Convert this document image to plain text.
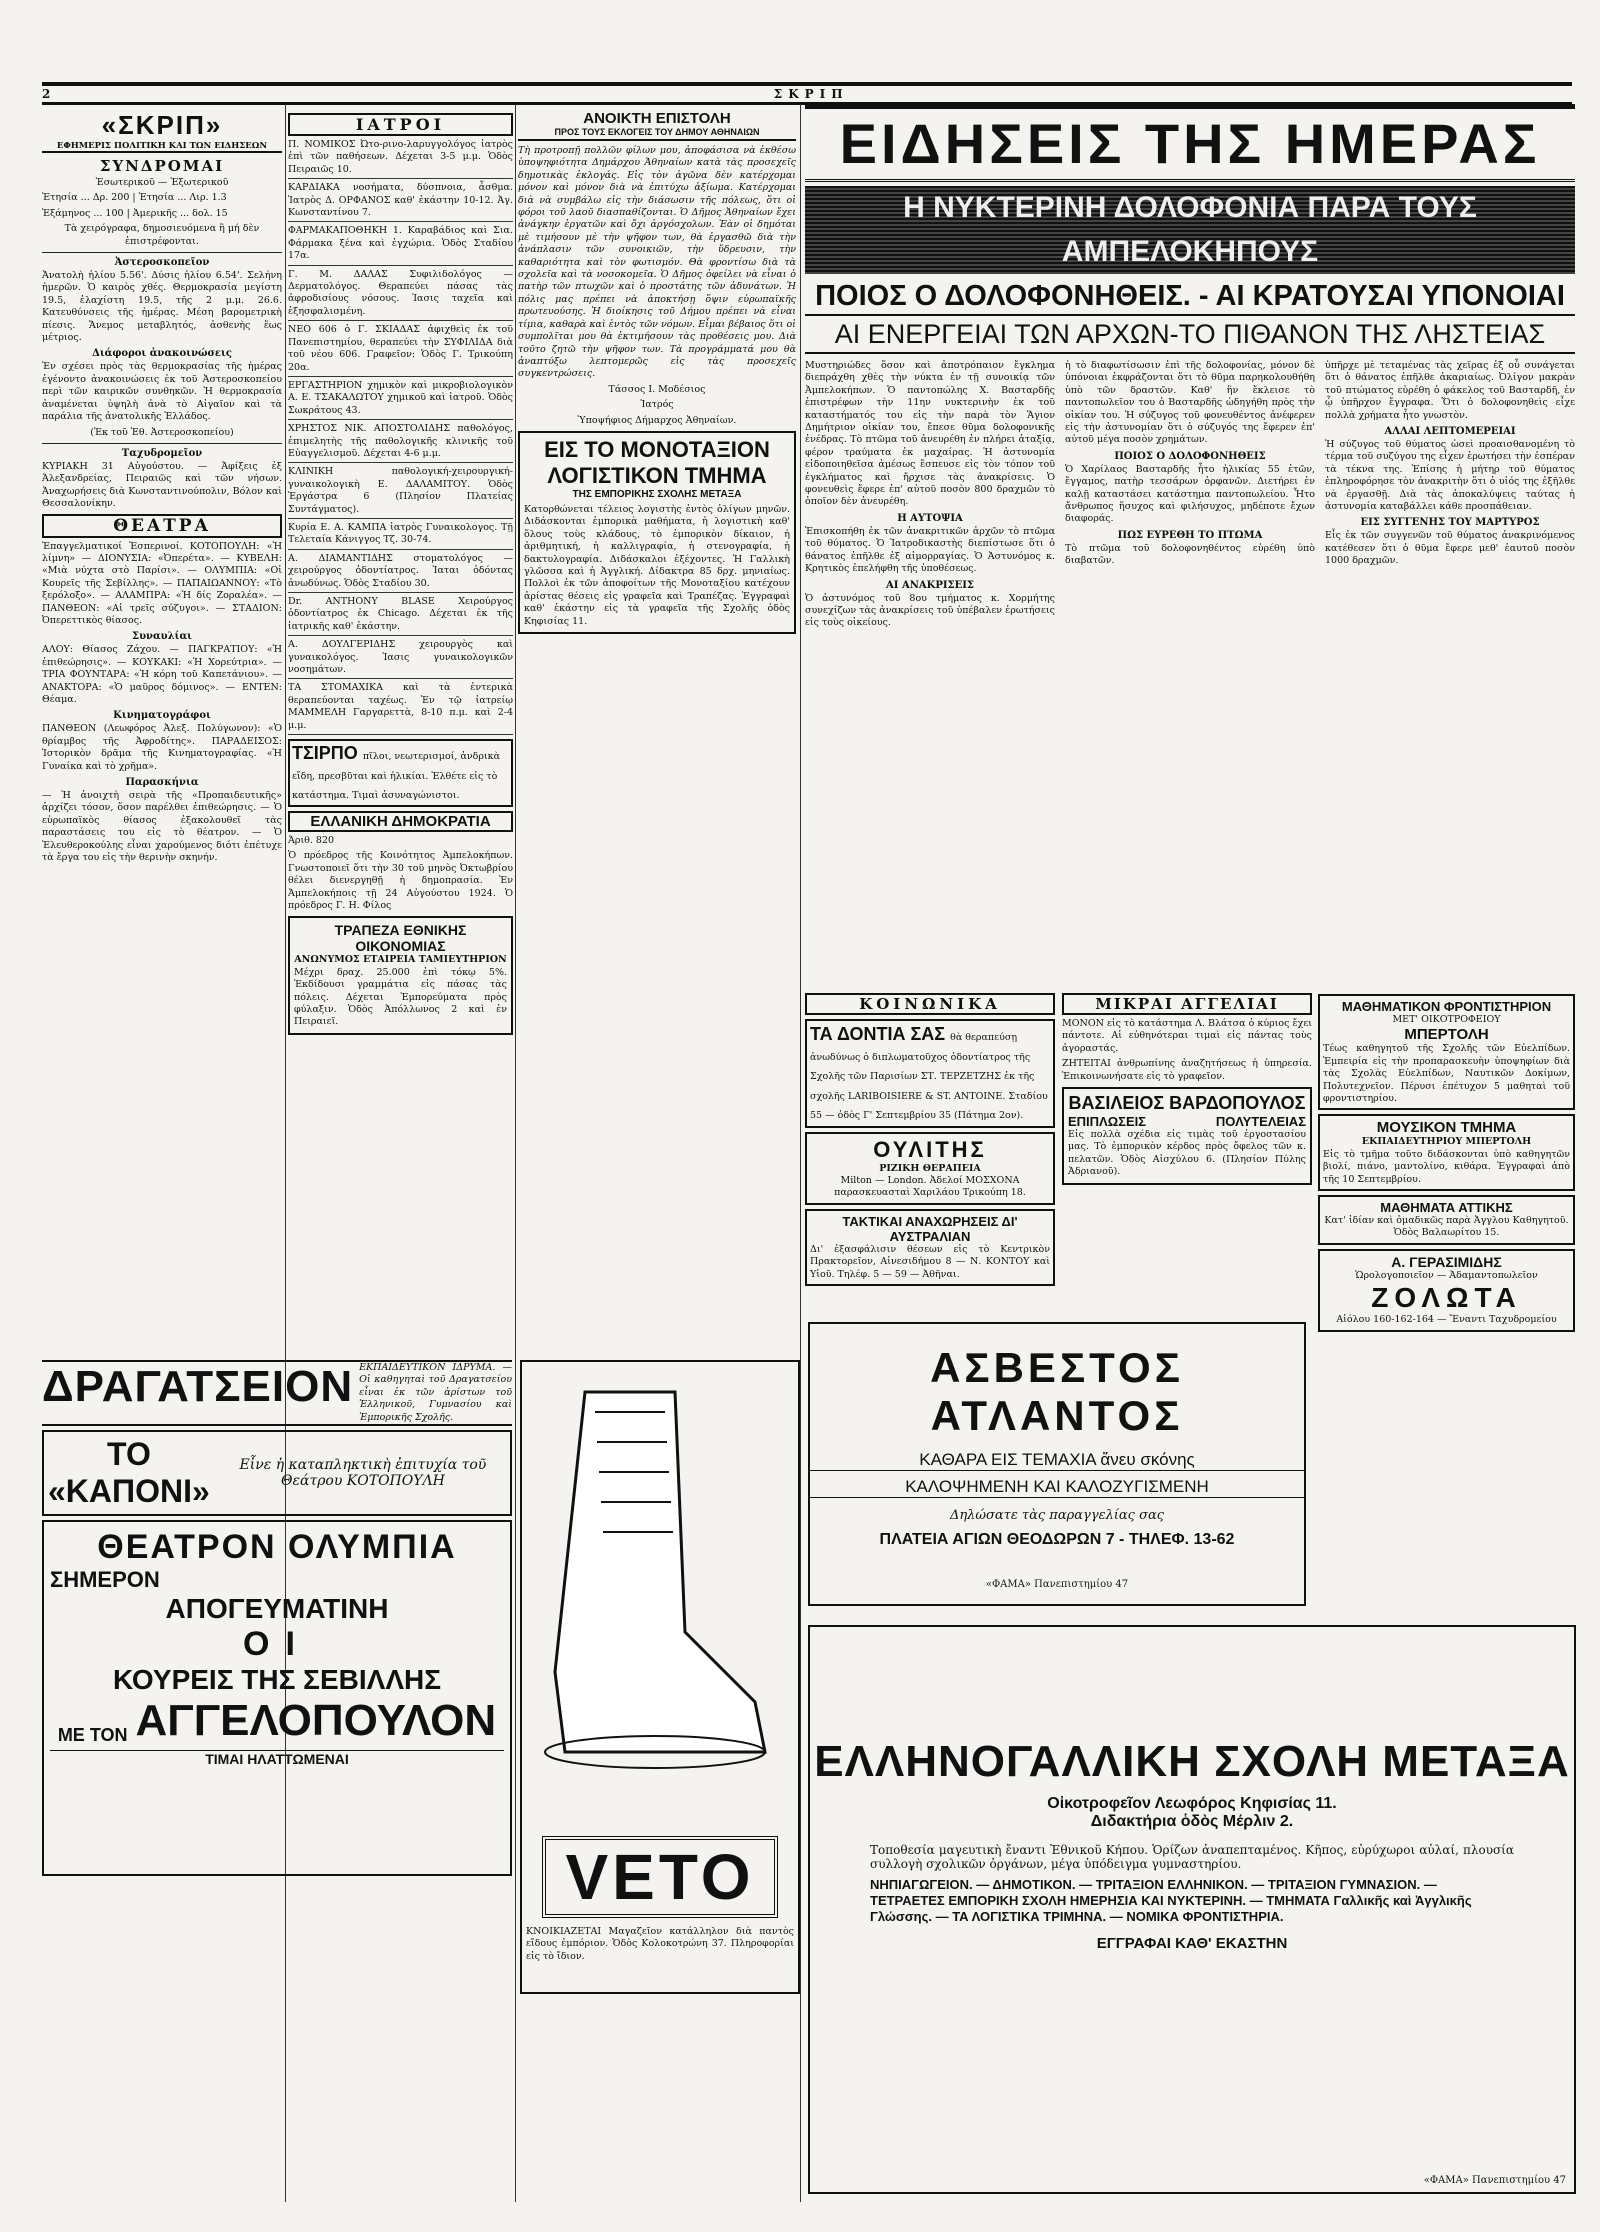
2	ΣΚΡΙΠ
«ΣΚΡΙΠ»
ΕΦΗΜΕΡΙΣ ΠΟΛΙΤΙΚΗ ΚΑΙ ΤΩΝ ΕΙΔΗΣΕΩΝ
ΣΥΝΔΡΟΜΑΙ
Ἐσωτερικοῦ — Ἐξωτερικοῦ
Ἐτησία ... Δρ. 200 | Ἐτησία ... Λιρ. 1.3
Ἑξάμηνος ... 100 | Ἀμερικῆς ... δολ. 15
Τὰ χειρόγραφα, δημοσιευόμενα ἢ μή δὲν ἐπιστρέφονται.
Ἀστεροσκοπεῖον
Ἀνατολὴ ἡλίου 5.56'. Δύσις ἡλίου 6.54'. Σελήνη ἡμερῶν. Ὁ καιρὸς χθές. Θερμοκρασία μεγίστη 19.5, ἐλαχίστη 19.5, τῆς 2 μ.μ. 26.6. Κατευθύνσεις τῆς ἡμέρας. Μέση βαρομετρικὴ πίεσις. Ἄνεμος μεταβλητός, ἀσθενὴς ἕως μέτριος.
Διάφοροι ἀνακοινώσεις
Ἐν σχέσει πρὸς τὰς θερμοκρασίας τῆς ἡμέρας ἐγένοντο ἀνακοινώσεις ἐκ τοῦ Ἀστεροσκοπείου περὶ τῶν καιρικῶν συνθηκῶν. Ἡ θερμοκρασία ἀναμένεται ὑψηλὴ ἀνὰ τὸ Αἰγαῖον καὶ τὰ παράλια τῆς ἀνατολικῆς Ἑλλάδος.
(Ἐκ τοῦ Ἐθ. Ἀστεροσκοπείου)
Ταχυδρομεῖον
ΚΥΡΙΑΚΗ 31 Αὐγούστου. — Ἀφίξεις ἐξ Ἀλεξανδρείας, Πειραιῶς καὶ τῶν νήσων. Ἀναχωρήσεις διὰ Κωνσταντινούπολιν, Βόλον καὶ Θεσσαλονίκην.
ΘΕΑΤΡΑ
Ἐπαγγελματικοί Ἑσπερινοί. ΚΟΤΟΠΟΥΛΗ: «Ἡ λίμνη» — ΔΙΟΝΥΣΙΑ: «Ὀπερέτα». — ΚΥΒΕΛΗ: «Μιὰ νύχτα στὸ Παρίσι». — ΟΛΥΜΠΙΑ: «Οἱ Κουρεῖς τῆς Σεβίλλης». — ΠΑΠΑΙΩΑΝΝΟΥ: «Τὸ ξερόλοξο». — ΑΛΑΜΠΡΑ: «Ἡ δίς Ζοραλέα». — ΠΑΝΘΕΟΝ: «Αἱ τρεῖς σύζυγοι». — ΣΤΑΔΙΟΝ: Ὀπερεττικὸς θίασος.
Συναυλίαι
ΑΛΟΥ: Θίασος Ζάχου. — ΠΑΓΚΡΑΤΙΟΥ: «Ἡ ἐπιθεώρησις». — ΚΟΥΚΑΚΙ: «Ἡ Χορεύτρια». — ΤΡΙΑ ΦΟΥΝΤΑΡΑ: «Ἡ κόρη τοῦ Καπετάνιου». — ΑΝΑΚΤΟΡΑ: «Ὁ μαῦρος δόμινος». — ΕΝΤΕΝ: Θέαμα.
Κινηματογράφοι
ΠΑΝΘΕΟΝ (Λεωφόρος Ἀλεξ. Πολύγωνον): «Ὁ θρίαμβος τῆς Ἀφροδίτης». ΠΑΡΑΔΕΙΣΟΣ: Ἱστορικὸν δρᾶμα τῆς Κινηματογραφίας. «Ἡ Γυναίκα καὶ τὸ χρῆμα».
Παρασκήνια
— Ἡ ἀνοιχτὴ σειρὰ τῆς «Προπαιδευτικῆς» ἀρχίζει τόσον, ὅσον παρέλθει ἐπιθεώρησις. — Ὁ εὐρωπαϊκὸς θίασος ἐξακολουθεῖ τὰς παραστάσεις του εἰς τὸ θέατρον. — Ὁ Ἐλευθεροκούλης εἶναι χαρούμενος διότι ἐπέτυχε τὰ ἔργα του εἰς τὴν θερινὴν σκηνήν.
ΙΑΤΡΟΙ
Π. ΝΟΜΙΚΟΣ Ὠτο-ρινο-λαρυγγολόγος ἰατρὸς ἐπὶ τῶν παθήσεων. Δέχεται 3-5 μ.μ. Ὁδὸς Πειραιῶς 10.
ΚΑΡΔΙΑΚΑ νοσήματα, δύσπνοια, ἆσθμα. Ἰατρὸς Δ. ΟΡΦΑΝΟΣ καθ' ἑκάστην 10-12. Ἀγ. Κωνσταντίνου 7.
ΦΑΡΜΑΚΑΠΟΘΗΚΗ 1. Καραβάδιος καὶ Σια. Φάρμακα ξένα καὶ ἐγχώρια. Ὁδὸς Σταδίου 17α.
Γ. Μ. ΔΑΛΑΣ Συφιλιδολόγος — Δερματολόγος. Θεραπεύει πάσας τὰς ἀφροδισίους νόσους. Ἰασις ταχεῖα καὶ ἐξησφαλισμένη.
NEO 606 ὁ Γ. ΣΚΙΑΔΑΣ ἀφιχθεὶς ἐκ τοῦ Πανεπιστημίου, θεραπεύει τὴν ΣΥΦΙΛΙΔΑ διὰ τοῦ νέου 606. Γραφεῖον: Ὁδὸς Γ. Τρικούπη 20α.
ΕΡΓΑΣΤΗΡΙΟΝ χημικὸν καὶ μικροβιολογικὸν Α. Ε. ΤΣΑΚΑΛΩΤΟΥ χημικοῦ καὶ ἰατροῦ. Ὁδὸς Σωκράτους 43.
ΧΡΗΣΤΟΣ ΝΙΚ. ΑΠΟΣΤΟΛΙΔΗΣ παθολόγος, ἐπιμελητὴς τῆς παθολογικῆς κλινικῆς τοῦ Εὐαγγελισμοῦ. Δέχεται 4-6 μ.μ.
ΚΛΙΝΙΚΗ παθολογική-χειρουργική-γυναικολογικὴ Ε. ΔΑΛΑΜΙΤΟΥ. Ὁδὸς Ἐργάστρα 6 (Πλησίον Πλατείας Συντάγματος).
Κυρία Ε. Α. ΚΑΜΠΑ ἰατρὸς Γυναικολογος. Τῇ Τελεταία Κάνιγγος Τζ. 30-74.
Α. ΔΙΑΜΑΝΤΙΔΗΣ στοματολόγος — χειρούργος ὀδοντίατρος. Ἰαται ὀδόντας ἀνωδύνως. Ὁδὸς Σταδίου 30.
Dr. ANTHONY BLASE Χειρούργος ὀδοντίατρος ἐκ Chicago. Δέχεται ἐκ τῆς ἰατρικῆς καθ' ἑκάστην.
Α. ΔΟΥΛΓΕΡΙΔΗΣ χειρουργὸς καὶ γυναικολόγος. Ἰασις γυναικολογικῶν νοσημάτων.
ΤΑ ΣΤΟΜΑΧΙΚΑ καὶ τὰ ἐντερικὰ θεραπεύονται ταχέως. Ἐν τῷ ἰατρείῳ ΜΑΜΜΕΛΗ Γαργαρεττὰ, 8-10 π.μ. καὶ 2-4 μ.μ.
ΤΣΙΡΠΟ πῖλοι, νεωτερισμοί, ἀνδρικὰ εἴδη, πρεσβῦται καὶ ἡλικίαι. Ἐλθέτε εἰς τὸ κατάστημα. Τιμαὶ ἀσυναγώνιστοι.
ΕΛΛΑΝΙΚΗ ΔΗΜΟΚΡΑΤΙΑ
Ἀριθ. 820
Ὁ πρόεδρος τῆς Κοινότητος Ἀμπελοκήπων. Γνωστοποιεῖ ὅτι τὴν 30 τοῦ μηνὸς Ὀκτωβρίου θέλει διενεργηθῇ ἡ δημοπρασία. Ἐν Ἀμπελοκήποις τῇ 24 Αὐγούστου 1924. Ὁ πρόεδρος Γ. Η. Φίλος
ΤΡΑΠΕΖΑ ΕΘΝΙΚΗΣ ΟΙΚΟΝΟΜΙΑΣ
ΑΝΩΝΥΜΟΣ ΕΤΑΙΡΕΙΑ ΤΑΜΙΕΥΤΗΡΙΟΝ
Μέχρι δραχ. 25.000 ἐπὶ τόκῳ 5%. Ἐκδίδουσι γραμμάτια εἰς πάσας τὰς πόλεις. Δέχεται Ἐμπορεύματα πρὸς φύλαξιν. Ὁδὸς Ἀπόλλωνος 2 καὶ ἐν Πειραιεῖ.
ΑΝΟΙΚΤΗ ΕΠΙΣΤΟΛΗ
ΠΡΟΣ ΤΟΥΣ ΕΚΛΟΓΕΙΣ ΤΟΥ ΔΗΜΟΥ ΑΘΗΝΑΙΩΝ
Τὴ προτροπῇ πολλῶν φίλων μου, ἀποφάσισα νὰ ἐκθέσω ὑποψηφιότητα Δημάρχου Ἀθηναίων κατὰ τὰς προσεχεῖς δημοτικὰς ἐκλογάς. Εἰς τὸν ἀγῶνα δὲν κατέρχομαι μόνον καὶ μόνον διὰ νὰ ἐπιτύχω ἀξίωμα. Κατέρχομαι διὰ νὰ συμβάλω εἰς τὴν διάσωσιν τῆς πόλεως, ὅτι οἱ φόροι τοῦ λαοῦ διασπαθίζονται. Ὁ Δῆμος Ἀθηναίων ἔχει ἀνάγκην ἐργατῶν καὶ ὄχι ἀργόσχολων. Ἐὰν οἱ δημόται μὲ τιμήσουν μὲ τὴν ψῆφον των, θὰ ἐργασθῶ διὰ τὴν ἀνάπλασιν τῶν συνοικιῶν, τὴν ὕδρευσιν, τὴν καθαριότητα καὶ τὸν φωτισμόν. Θὰ φροντίσω διὰ τὰ σχολεῖα καὶ τὰ νοσοκομεῖα. Ὁ Δῆμος ὀφείλει νὰ εἶναι ὁ πατὴρ τῶν πτωχῶν καὶ ὁ προστάτης τῶν ἀδυνάτων. Ἡ πόλις μας πρέπει νὰ ἀποκτήσῃ ὅψιν εὐρωπαϊκῆς πρωτευούσης. Ἡ διοίκησις τοῦ Δήμου πρέπει νὰ εἶναι τίμια, καθαρὰ καὶ ἐντὸς τῶν νόμων. Εἶμαι βέβαιος ὅτι οἱ συμπολῖται μου θὰ ἐκτιμήσουν τὰς προθέσεις μου. Διὰ τοῦτο ζητῶ τὴν ψῆφον των. Τὰ προγράμματά μου θὰ ἀναπτύξω λεπτομερῶς εἰς τὰς προσεχεῖς συγκεντρώσεις.
Τάσσος Ι. Μοδέσιος
Ἰατρός
Ὑποψήφιος Δήμαρχος Ἀθηναίων.
ΕΙΣ ΤΟ ΜΟΝΟΤΑΞΙΟΝ
ΛΟΓΙΣΤΙΚΟΝ ΤΜΗΜΑ
ΤΗΣ ΕΜΠΟΡΙΚΗΣ ΣΧΟΛΗΣ ΜΕΤΑΞΑ
Κατορθώνεται τέλειος λογιστὴς ἐντὸς ὁλίγων μηνῶν. Διδάσκονται ἐμπορικὰ μαθήματα, ἡ λογιστικὴ καθ' ὅλους τοὺς κλάδους, τὸ ἐμπορικὸν δίκαιον, ἡ ἀριθμητική, ἡ καλλιγραφία, ἡ στενογραφία, ἡ δακτυλογραφία. Διδάσκαλοι ἐξέχοντες. Ἡ Γαλλικὴ γλῶσσα καὶ ἡ Ἀγγλική. Δίδακτρα 85 δρχ. μηνιαίως. Πολλοὶ ἐκ τῶν ἀποφοίτων τῆς Μονοταξίου κατέχουν ἀρίστας θέσεις εἰς γραφεῖα καὶ Τραπέζας. Ἐγγραφαὶ καθ' ἑκάστην εἰς τὰ γραφεῖα τῆς Σχολῆς ὁδὸς Κηφισίας 11.
ΕΙΔΗΣΕΙΣ ΤΗΣ ΗΜΕΡΑΣ
Η ΝΥΚΤΕΡΙΝΗ ΔΟΛΟΦΟΝΙΑ ΠΑΡΑ ΤΟΥΣ ΑΜΠΕΛΟΚΗΠΟΥΣ
ΠΟΙΟΣ Ο ΔΟΛΟΦΟΝΗΘΕΙΣ. - ΑΙ ΚΡΑΤΟΥΣΑΙ ΥΠΟΝΟΙΑΙ
ΑΙ ΕΝΕΡΓΕΙΑΙ ΤΩΝ ΑΡΧΩΝ-ΤΟ ΠΙΘΑΝΟΝ ΤΗΣ ΛΗΣΤΕΙΑΣ
Μυστηριώδες ὅσον καὶ ἀποτρόπαιον ἔγκλημα διεπράχθη χθὲς τὴν νύκτα ἐν τῇ συνοικίᾳ τῶν Ἀμπελοκήπων. Ὁ παντοπώλης Χ. Βασταρδῆς ἐπιστρέφων τὴν 11ην νυκτερινὴν ἐκ τοῦ καταστήματός του εἰς τὴν παρὰ τὸν Ἅγιον Δημήτριον οἰκίαν του, ἔπεσε θῦμα δολοφονικῆς ἐνέδρας. Τὸ πτῶμα τοῦ ἀνευρέθη ἐν πλήρει ἀταξίᾳ, φέρον τραύματα ἐκ μαχαίρας. Ἡ ἀστυνομία εἰδοποιηθεῖσα ἀμέσως ἔσπευσε εἰς τὸν τόπον τοῦ ἐγκλήματος καὶ ἤρχισε τὰς ἀνακρίσεις. Ὁ φονευθεὶς ἔφερε ἐπ' αὐτοῦ ποσὸν 800 δραχμῶν τὸ ὁποῖον δὲν ἀνευρέθη.
Η ΑΥΤΟΨΙΑ
Ἐπισκοπήθη ἐκ τῶν ἀνακριτικῶν ἀρχῶν τὸ πτῶμα τοῦ θύματος. Ὁ Ἰατροδικαστὴς διεπίστωσε ὅτι ὁ θάνατος ἐπῆλθε ἐξ αἱμορραγίας. Ὁ Ἀστυνόμος κ. Κρητικὸς ἐπελήφθη τῆς ὑποθέσεως.
ΑΙ ΑΝΑΚΡΙΣΕΙΣ
Ὁ ἀστυνόμος τοῦ 8ου τμήματος κ. Χορμήτης συνεχίζων τὰς ἀνακρίσεις τοῦ ὑπέβαλεν ἐρωτήσεις εἰς τοὺς οἰκείους.
ἡ τὸ διαφωτίσωσιν ἐπὶ τῆς δολοφονίας, μόνον δὲ ὑπόνοιαι ἐκφράζονται ὅτι τὸ θῦμα παρηκολουθήθη ὑπὸ τῶν δραστῶν. Καθ' ἣν ἔκλεισε τὸ παντοπωλεῖον του ὁ Βασταρδῆς ὡδηγήθη πρὸς τὴν οἰκίαν του. Ἡ σύζυγος τοῦ φονευθέντος ἀνέφερεν εἰς τὴν ἀστυνομίαν ὅτι ὁ σύζυγός της ἔφερεν ἐπ' αὐτοῦ μέγα ποσὸν χρημάτων.
ΠΟΙΟΣ Ο ΔΟΛΟΦΟΝΗΘΕΙΣ
Ὁ Χαρίλαος Βασταρδῆς ἦτο ἡλικίας 55 ἐτῶν, ἔγγαμος, πατὴρ τεσσάρων ὀρφανῶν. Διετήρει ἐν καλῇ καταστάσει κατάστημα παντοπωλείου. Ἦτο ἄνθρωπος ἥσυχος καὶ φιλήσυχος, μηδέποτε ἔχων διαφοράς.
ΠΩΣ ΕΥΡΕΘΗ ΤΟ ΠΤΩΜΑ
Τὸ πτῶμα τοῦ δολοφονηθέντος εὑρέθη ὑπὸ διαβατῶν.
ὑπῆρχε μὲ τεταμένας τὰς χεῖρας ἐξ οὗ συνάγεται ὅτι ὁ θάνατος ἐπῆλθε ἀκαριαίως. Ὀλίγον μακρὰν τοῦ πτώματος εὑρέθη ὁ φάκελος τοῦ Βασταρδῆ, ἐν ᾧ ὑπῆρχον ἔγγραφα. Ὅτι ὁ δολοφονηθεὶς εἶχε πολλὰ χρήματα ἦτο γνωστὸν.
ΑΛΛΑΙ ΛΕΠΤΟΜΕΡΕΙΑΙ
Ἡ σύζυγος τοῦ θύματος ὡσεὶ προαισθανομένη τὸ τέρμα τοῦ συζύγου της εἶχεν ἐρωτήσει τὴν ἑσπέραν τὰ τέκνα της. Ἐπίσης ἡ μήτηρ τοῦ θύματος ἐπληροφόρησε τὸν ἀνακριτὴν ὅτι ὁ υἱός της ἐξῆλθε νὰ ἐργασθῇ. Διὰ τὰς ἀποκαλύψεις ταύτας ἡ ἀστυνομία καταβάλλει κάθε προσπάθειαν.
ΕΙΣ ΣΥΓΓΕΝΗΣ ΤΟΥ ΜΑΡΤΥΡΟΣ
Εἷς ἐκ τῶν συγγενῶν τοῦ θύματος ἀνακρινόμενος κατέθεσεν ὅτι ὁ θῦμα ἔφερε μεθ' ἑαυτοῦ ποσὸν 1000 δραχμῶν.
ΚΟΙΝΩΝΙΚΑ
ΤΑ ΔΟΝΤΙΑ ΣΑΣ θὰ θεραπεύσῃ ἀνωδύνως ὁ διπλωματοῦχος ὀδοντίατρος τῆς Σχολῆς τῶν Παρισίων ΣΤ. ΤΕΡΖΕΤΖΗΣ ἐκ τῆς σχολῆς LARIBOISIERE & ST. ANTOINE. Σταδίου 55 — ὁδὸς Γ' Σεπτεμβρίου 35 (Πάτημα 2ον).
ΟΥΛΙΤΗΣ
ΡΙΖΙΚΗ ΘΕΡΑΠΕΙΑ
Milton — London. Ἀδελοί ΜΟΣΧΟΝΑ παρασκευασταὶ Χαριλάου Τρικούπη 18.
ΤΑΚΤΙΚΑΙ ΑΝΑΧΩΡΗΣΕΙΣ ΔΙ' ΑΥΣΤΡΑΛΙΑΝ
Δι' ἐξασφάλισιν θέσεων εἰς τὸ Κεντρικὸν Πρακτορεῖον, Αἰνεσιδήμου 8 — Ν. ΚΟΝΤΟΥ καὶ Υἱοῦ. Τηλέφ. 5 — 59 — Ἀθῆναι.
ΜΙΚΡΑΙ ΑΓΓΕΛΙΑΙ
ΜΟΝΟΝ εἰς τὸ κατάστημα Λ. Βλάτσα ὁ κύριος ἔχει πάντοτε. Αἱ εὐθηνότεραι τιμαὶ εἰς πάντας τοὺς ἀγοραστάς.
ΖΗΤΕΙΤΑΙ ἀνθρωπίνης ἀναζητήσεως ἡ ὑπηρεσία. Ἐπικοινωνήσατε εἰς τὸ γραφεῖον.
ΒΑΣΙΛΕΙΟΣ ΒΑΡΔΟΠΟΥΛΟΣ
ΕΠΙΠΛΩΣΕΙΣ	ΠΟΛΥΤΕΛΕΙΑΣ
Εἰς πολλὰ σχέδια εἰς τιμὰς τοῦ ἐργοστασίου μας. Τὸ ἐμπορικὸν κέρδος πρὸς ὄφελος τῶν κ. πελατῶν. Ὁδὸς Αἰσχύλου 6. (Πλησίον Πύλης Ἀδριανοῦ).
ΜΑΘΗΜΑΤΙΚΟΝ ΦΡΟΝΤΙΣΤΗΡΙΟΝ
ΜΕΤ' ΟΙΚΟΤΡΟΦΕΙΟΥ
ΜΠΕΡΤΟΛΗ
Τέως καθηγητοῦ τῆς Σχολῆς τῶν Εὐελπίδων. Ἐμπειρία εἰς τὴν προπαρασκευὴν ὑποψηφίων διὰ τὰς Σχολὰς Εὐελπίδων, Ναυτικῶν Δοκίμων, Πολυτεχνεῖον. Πέρυσι ἐπέτυχον 5 μαθηταὶ τοῦ φροντιστηρίου.
ΜΟΥΣΙΚΟΝ ΤΜΗΜΑ
ΕΚΠΑΙΔΕΥΤΗΡΙΟΥ ΜΠΕΡΤΟΛΗ
Εἰς τὸ τμῆμα τοῦτο διδάσκονται ὑπὸ καθηγητῶν βιολί, πιάνο, μαντολίνο, κιθάρα. Ἐγγραφαὶ ἀπὸ τῆς 10 Σεπτεμβρίου.
ΜΑΘΗΜΑΤΑ ΑΤΤΙΚΗΣ
Κατ' ἰδίαν καὶ ὁμαδικῶς παρὰ Ἀγγλου Καθηγητοῦ. Ὁδὸς Βαλαωρίτου 15.
Α. ΓΕΡΑΣΙΜΙΔΗΣ
Ὡρολογοποιεῖον — Ἀδαμαντοπωλεῖον
ΖΟΛΩΤΑ
Αἰόλου 160-162-164 — Ἔναντι Ταχυδρομείου
ΑΣΒΕΣΤΟΣ ΑΤΛΑΝΤΟΣ
ΚΑΘΑΡΑ ΕΙΣ ΤΕΜΑΧΙΑ ἄνευ σκόνης
ΚΑΛΟΨΗΜΕΝΗ ΚΑΙ ΚΑΛΟΖΥΓΙΣΜΕΝΗ
Δηλώσατε τὰς παραγγελίας σας
ΠΛΑΤΕΙΑ ΑΓΙΩΝ ΘΕΟΔΩΡΩΝ 7 - ΤΗΛΕΦ. 13-62
«ΦΑΜΑ» Πανεπιστημίου 47
ΕΛΛΗΝΟΓΑΛΛΙΚΗ ΣΧΟΛΗ ΜΕΤΑΞΑ
Οἰκοτροφεῖον Λεωφόρος Κηφισίας 11.
Διδακτήρια ὁδὸς Μέρλιν 2.
Τοποθεσία μαγευτικὴ ἔναντι Ἐθνικοῦ Κήπου. Ὁρίζων ἀναπεπταμένος. Κῆπος, εὐρύχωροι αὐλαί, πλουσία συλλογὴ σχολικῶν ὀργάνων, μέγα ὑπόδειγμα γυμναστηρίου.
ΝΗΠΙΑΓΩΓΕΙΟΝ. — ΔΗΜΟΤΙΚΟΝ. — ΤΡΙΤΑΞΙΟΝ ΕΛΛΗΝΙΚΟΝ. — ΤΡΙΤΑΞΙΟΝ ΓΥΜΝΑΣΙΟΝ. — ΤΕΤΡΑΕΤΕΣ ΕΜΠΟΡΙΚΗ ΣΧΟΛΗ ΗΜΕΡΗΣΙΑ ΚΑΙ ΝΥΚΤΕΡΙΝΗ. — ΤΜΗΜΑΤΑ Γαλλικῆς καὶ Ἀγγλικῆς Γλώσσης. — ΤΑ ΛΟΓΙΣΤΙΚΑ ΤΡΙΜΗΝΑ. — ΝΟΜΙΚΑ ΦΡΟΝΤΙΣΤΗΡΙΑ.
ΕΓΓΡΑΦΑΙ ΚΑΘ' ΕΚΑΣΤΗΝ
«ΦΑΜΑ» Πανεπιστημίου 47
ΔΡΑΓΑΤΣΕΙΟΝ ΕΚΠΑΙΔΕΥΤΙΚΟΝ ΙΔΡΥΜΑ. — Οἱ καθηγηταὶ τοῦ Δραγατσείου εἶναι ἐκ τῶν ἀρίστων τοῦ Ἑλληνικοῦ, Γυμνασίου καὶ Ἐμπορικῆς Σχολῆς.
ΤΟ «ΚΑΠΟΝΙ»
Εἶνε ἡ καταπληκτικὴ ἐπιτυχία τοῦ Θεάτρου ΚΟΤΟΠΟΥΛΗ
ΘΕΑΤΡΟΝ ΟΛΥΜΠΙΑ
ΣΗΜΕΡΟΝ
ΑΠΟΓΕΥΜΑΤΙΝΗ
ΟΙ
ΚΟΥΡΕΙΣ ΤΗΣ ΣΕΒΙΛΛΗΣ
ΜΕ ΤΟΝ ΑΓΓΕΛΟΠΟΥΛΟΝ
ΤΙΜΑΙ ΗΛΑΤΤΩΜΕΝΑΙ
VETO
ΚΝΟΙΚΙΑΖΕΤΑΙ Μαγαζεῖον κατάλληλον διὰ παντὸς εἴδους ἐμπόριον. Ὁδὸς Κολοκοτρώνη 37. Πληροφορίαι εἰς τὸ ἴδιον.
